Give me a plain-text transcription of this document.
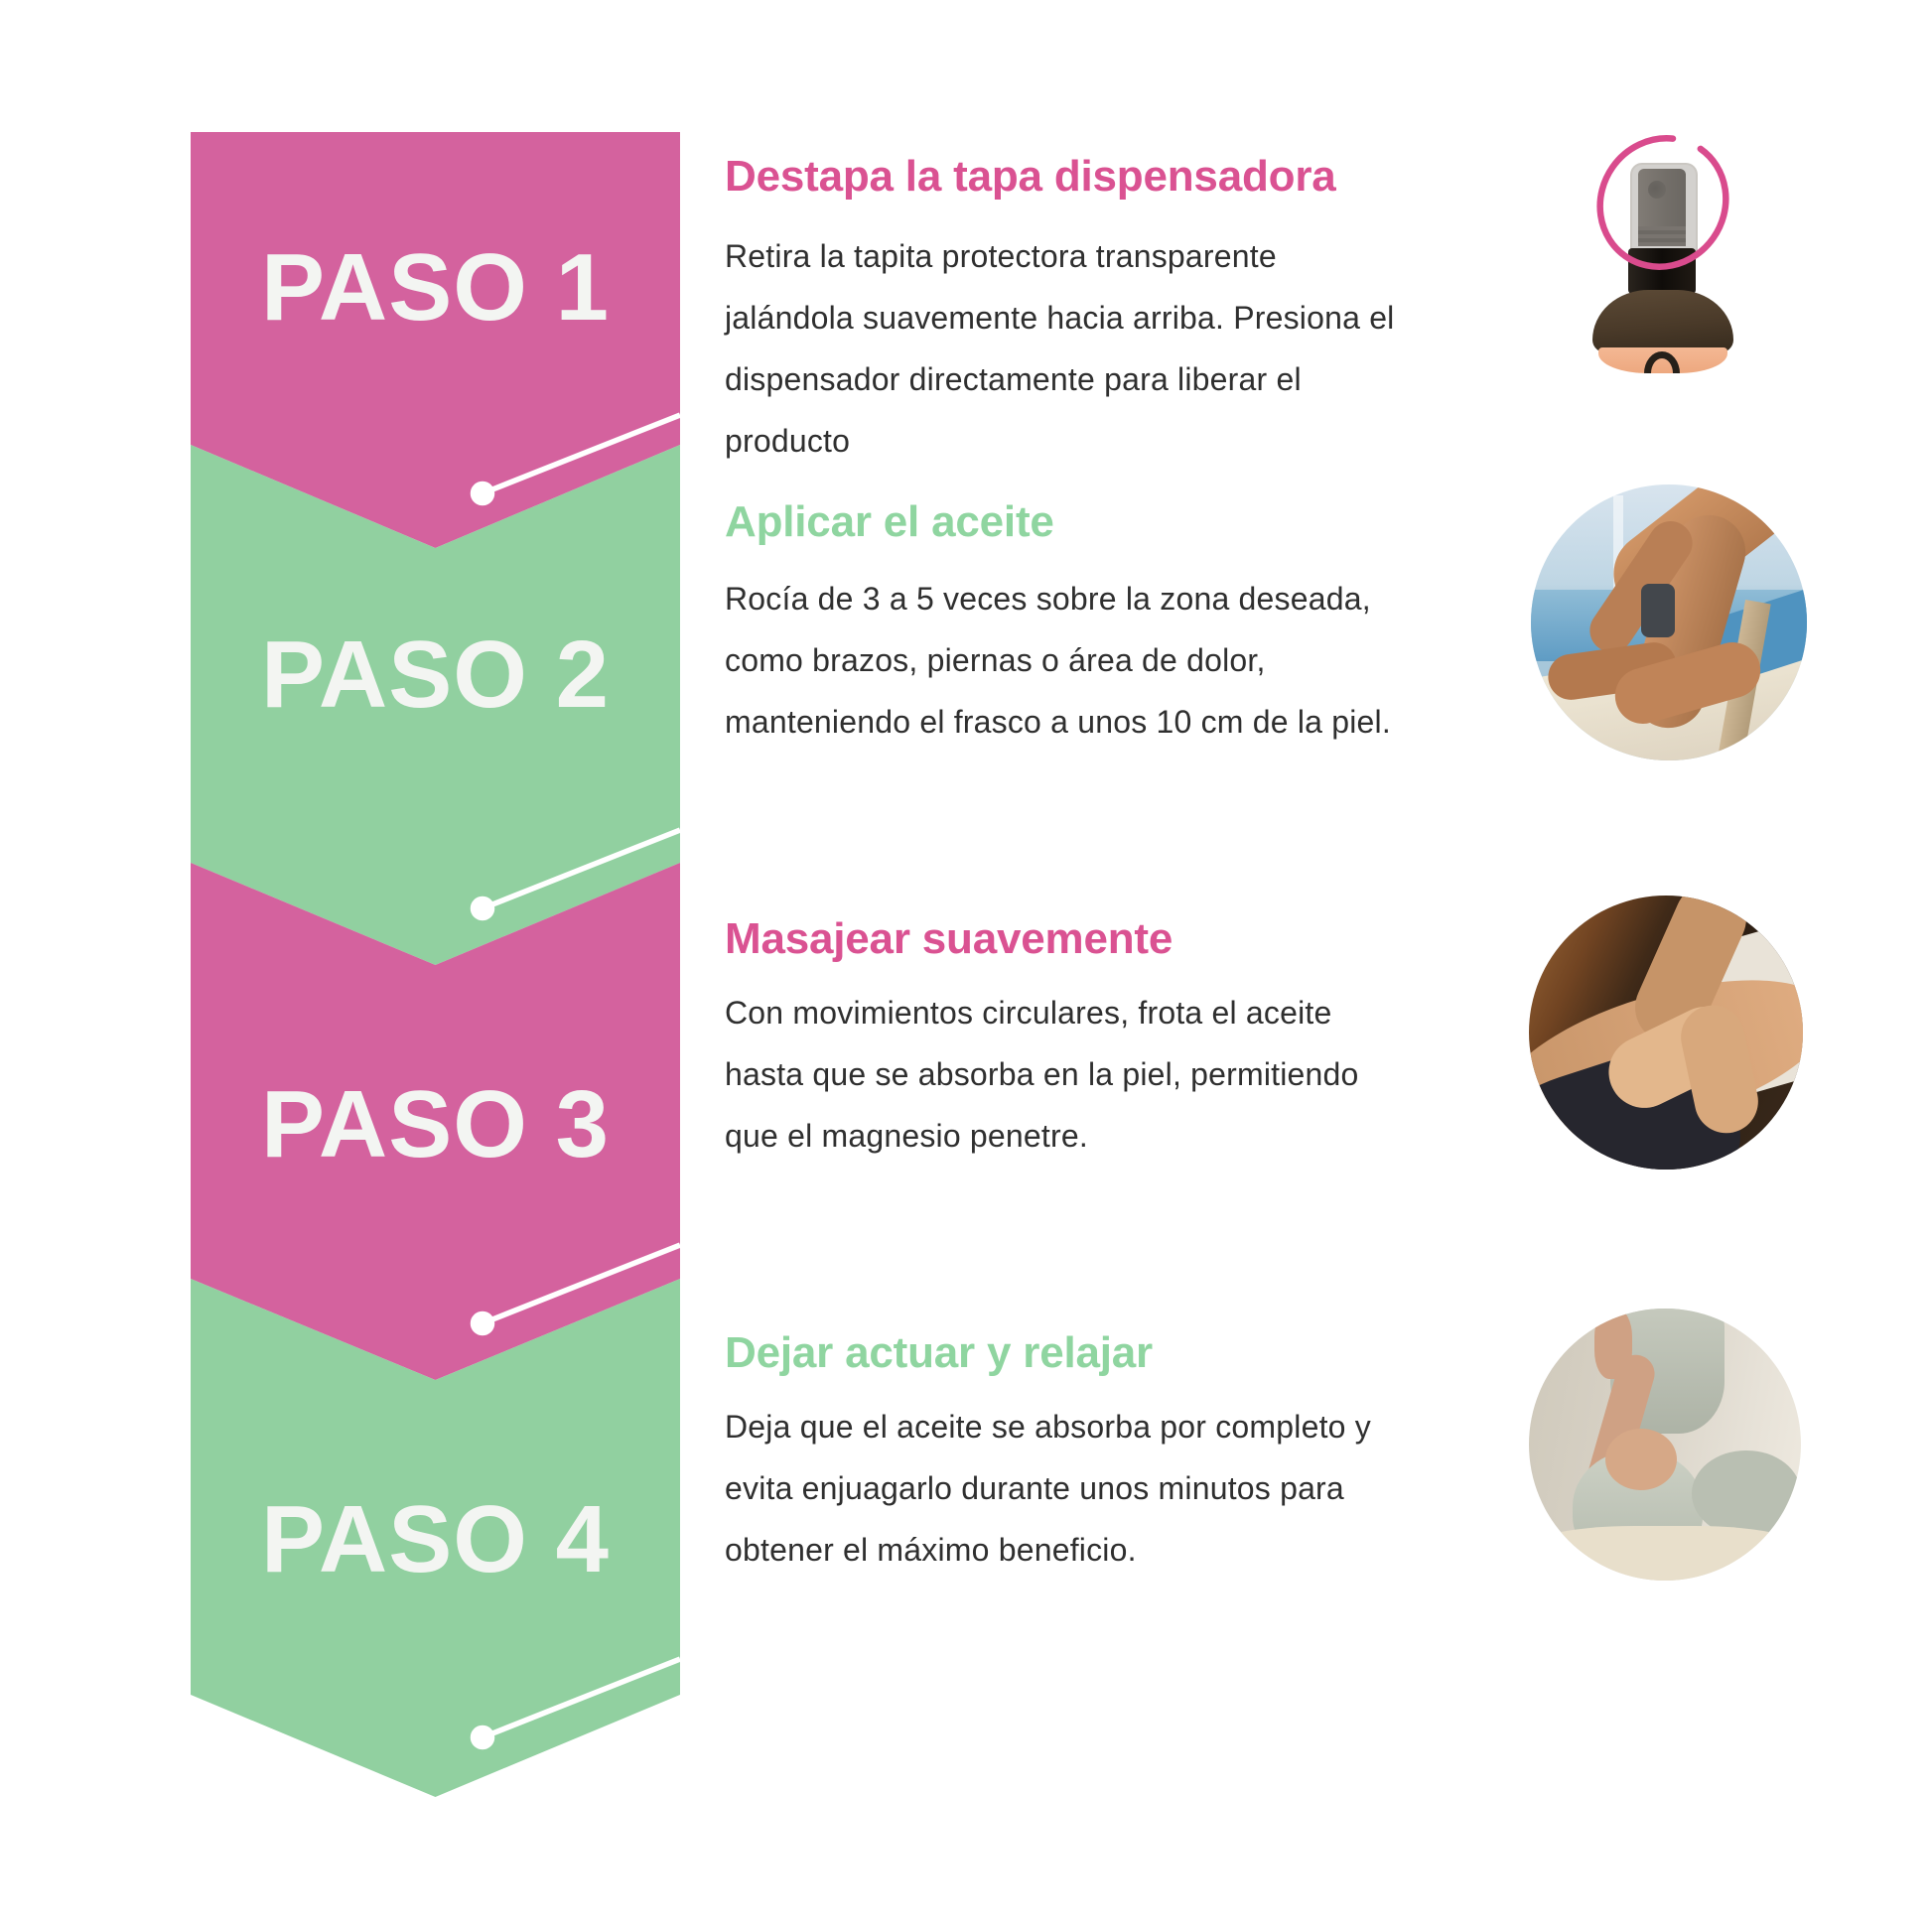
PASO 1
PASO 2
PASO 3
PASO 4
Destapa la tapa dispensadora
Retira la tapita protectora transparente
jalándola suavemente hacia arriba. Presiona el
dispensador directamente para liberar el
producto
Aplicar el aceite
Rocía de 3 a 5 veces sobre la zona deseada,
como brazos, piernas o área de dolor,
manteniendo el frasco a unos 10 cm de la piel.
Masajear suavemente
Con movimientos circulares, frota el aceite
hasta que se absorba en la piel, permitiendo
que el magnesio penetre.
Dejar actuar y relajar
Deja que el aceite se absorba por completo y
evita enjuagarlo durante unos minutos para
obtener el máximo beneficio.
